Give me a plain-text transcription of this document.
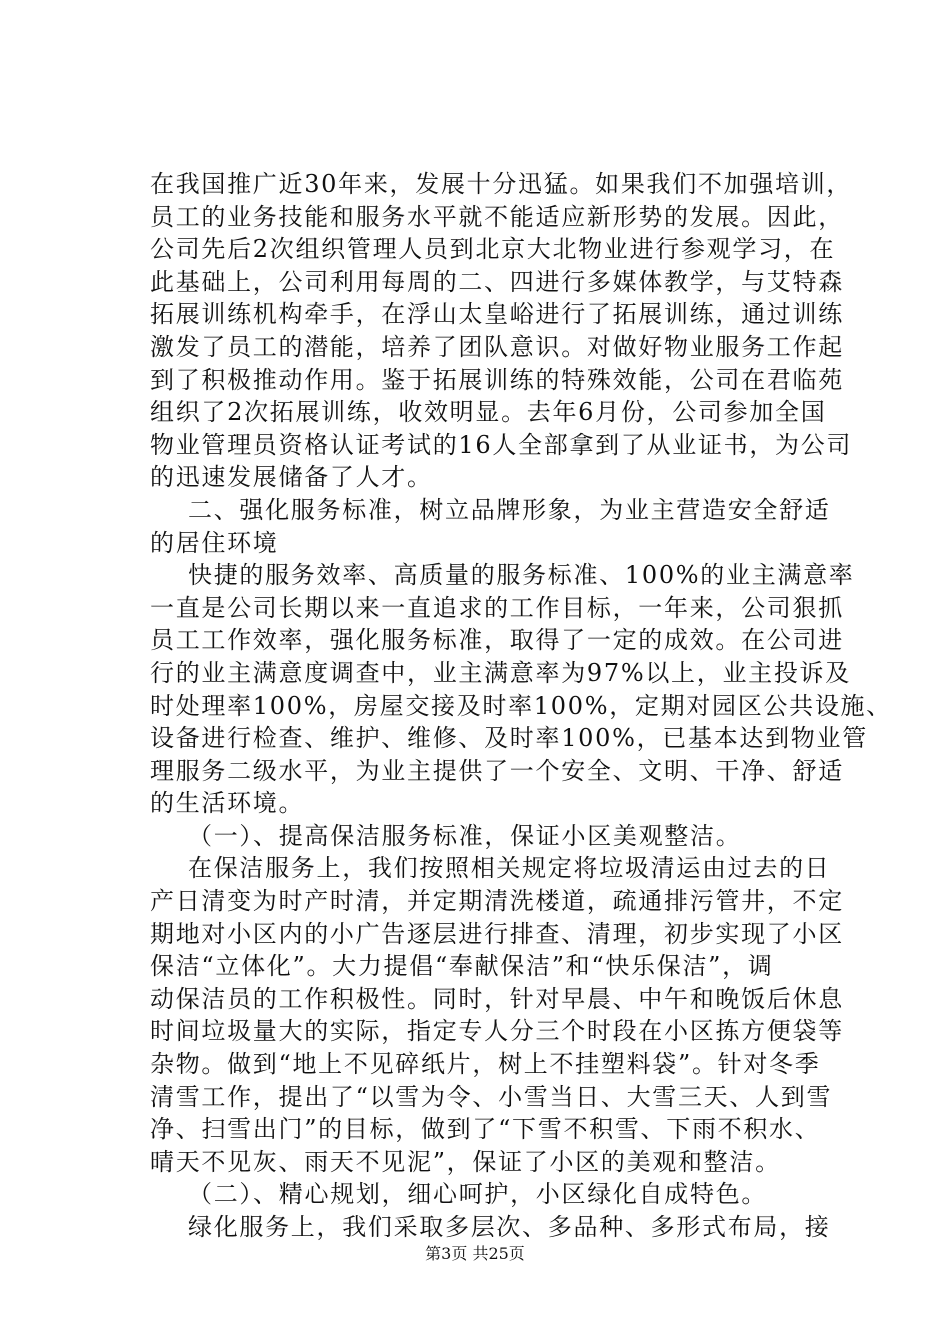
在我国推广近30年来，发展十分迅猛。如果我们不加强培训，
员工的业务技能和服务水平就不能适应新形势的发展。因此，
公司先后2次组织管理人员到北京大北物业进行参观学习，在
此基础上，公司利用每周的二、四进行多媒体教学，与艾特森
拓展训练机构牵手，在浮山太皇峪进行了拓展训练，通过训练
激发了员工的潜能，培养了团队意识。对做好物业服务工作起
到了积极推动作用。鉴于拓展训练的特殊效能，公司在君临苑
组织了2次拓展训练，收效明显。去年6月份，公司参加全国
物业管理员资格认证考试的16人全部拿到了从业证书，为公司
的迅速发展储备了人才。
二、强化服务标准，树立品牌形象，为业主营造安全舒适
的居住环境
快捷的服务效率、高质量的服务标准、100%的业主满意率
一直是公司长期以来一直追求的工作目标，一年来，公司狠抓
员工工作效率，强化服务标准，取得了一定的成效。在公司进
行的业主满意度调查中，业主满意率为97%以上，业主投诉及
时处理率100%，房屋交接及时率100%，定期对园区公共设施、
设备进行检查、维护、维修、及时率100%，已基本达到物业管
理服务二级水平，为业主提供了一个安全、文明、干净、舒适
的生活环境。
（一）、提高保洁服务标准，保证小区美观整洁。
在保洁服务上，我们按照相关规定将垃圾清运由过去的日
产日清变为时产时清，并定期清洗楼道，疏通排污管井，不定
期地对小区内的小广告逐层进行排查、清理，初步实现了小区
保洁“立体化”。大力提倡“奉献保洁”和“快乐保洁”，调
动保洁员的工作积极性。同时，针对早晨、中午和晚饭后休息
时间垃圾量大的实际，指定专人分三个时段在小区拣方便袋等
杂物。做到“地上不见碎纸片，树上不挂塑料袋”。针对冬季
清雪工作，提出了“以雪为令、小雪当日、大雪三天、人到雪
净、扫雪出门”的目标，做到了“下雪不积雪、下雨不积水、
晴天不见灰、雨天不见泥”，保证了小区的美观和整洁。
（二）、精心规划，细心呵护，小区绿化自成特色。
绿化服务上，我们采取多层次、多品种、多形式布局，接
第3页 共25页
